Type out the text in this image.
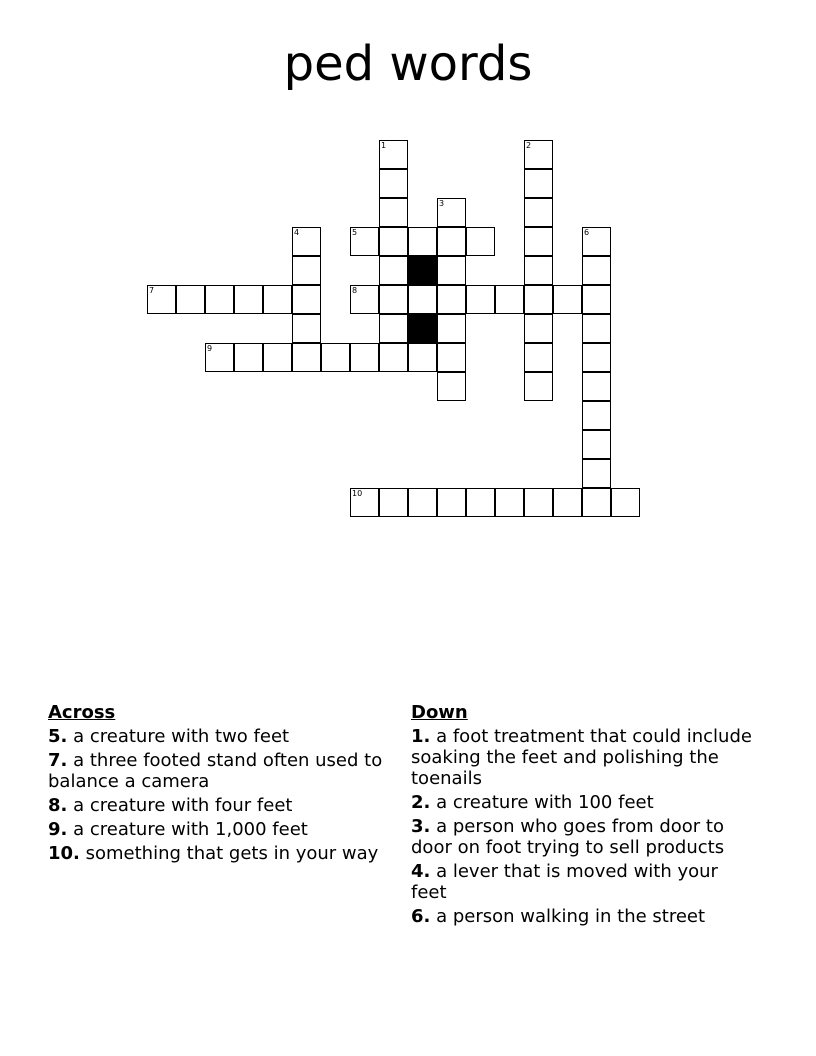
ped words
1	2
3
4	5	6
7	8
9
10
Across
5. a creature with two feet
7. a three footed stand often used to balance a camera
8. a creature with four feet
9. a creature with 1,000 feet
10. something that gets in your way
Down
1. a foot treatment that could include soaking the feet and polishing the toenails
2. a creature with 100 feet
3. a person who goes from door to door on foot trying to sell products
4. a lever that is moved with your feet
6. a person walking in the street
